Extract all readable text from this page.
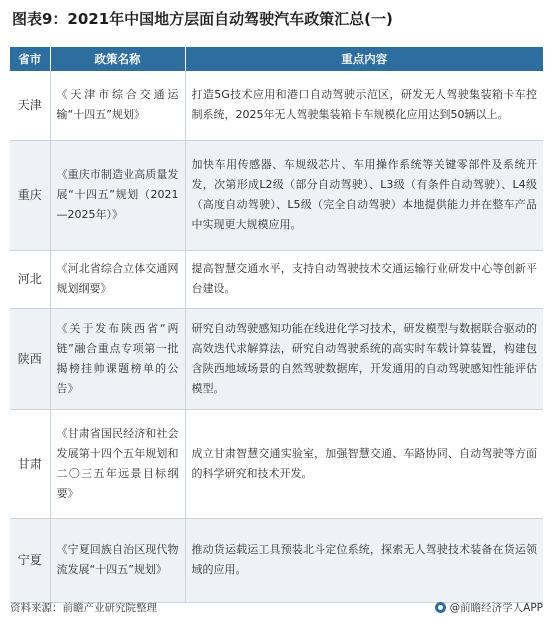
图表9：2021年中国地方层面自动驾驶汽车政策汇总(一)
省市	政策名称	重点内容
天津	《天津市综合交通运输“十四五”规划》	打造5G技术应用和港口自动驾驶示范区，研发无人驾驶集装箱卡车控制系统，2025年无人驾驶集装箱卡车规模化应用达到50辆以上。
重庆	《重庆市制造业高质量发展“十四五”规划（2021—2025年）》	加快车用传感器、车规级芯片、车用操作系统等关键零部件及系统开发，次第形成L2级（部分自动驾驶）、L3级（有条件自动驾驶）、L4级（高度自动驾驶）、L5级（完全自动驾驶）本地提供能力并在整车产品中实现更大规模应用。
河北	《河北省综合立体交通网规划纲要》	提高智慧交通水平，支持自动驾驶技术交通运输行业研发中心等创新平台建设。
陕西	《关于发布陕西省“两链”融合重点专项第一批揭榜挂帅课题榜单的公告》	研究自动驾驶感知功能在线进化学习技术，研发模型与数据联合驱动的高效迭代求解算法，研究自动驾驶系统的高实时车载计算装置，构建包含陕西地域场景的自然驾驶数据库，开发通用的自动驾驶感知性能评估模型。
甘肃	《甘肃省国民经济和社会发展第十四个五年规划和二〇三五年远景目标纲要》	成立甘肃智慧交通实验室，加强智慧交通、车路协同、自动驾驶等方面的科学研究和技术开发。
宁夏	《宁夏回族自治区现代物流发展“十四五”规划》	推动货运载运工具预装北斗定位系统，探索无人驾驶技术装备在货运领域的应用。
资料来源：前瞻产业研究院整理	@前瞻经济学人APP
